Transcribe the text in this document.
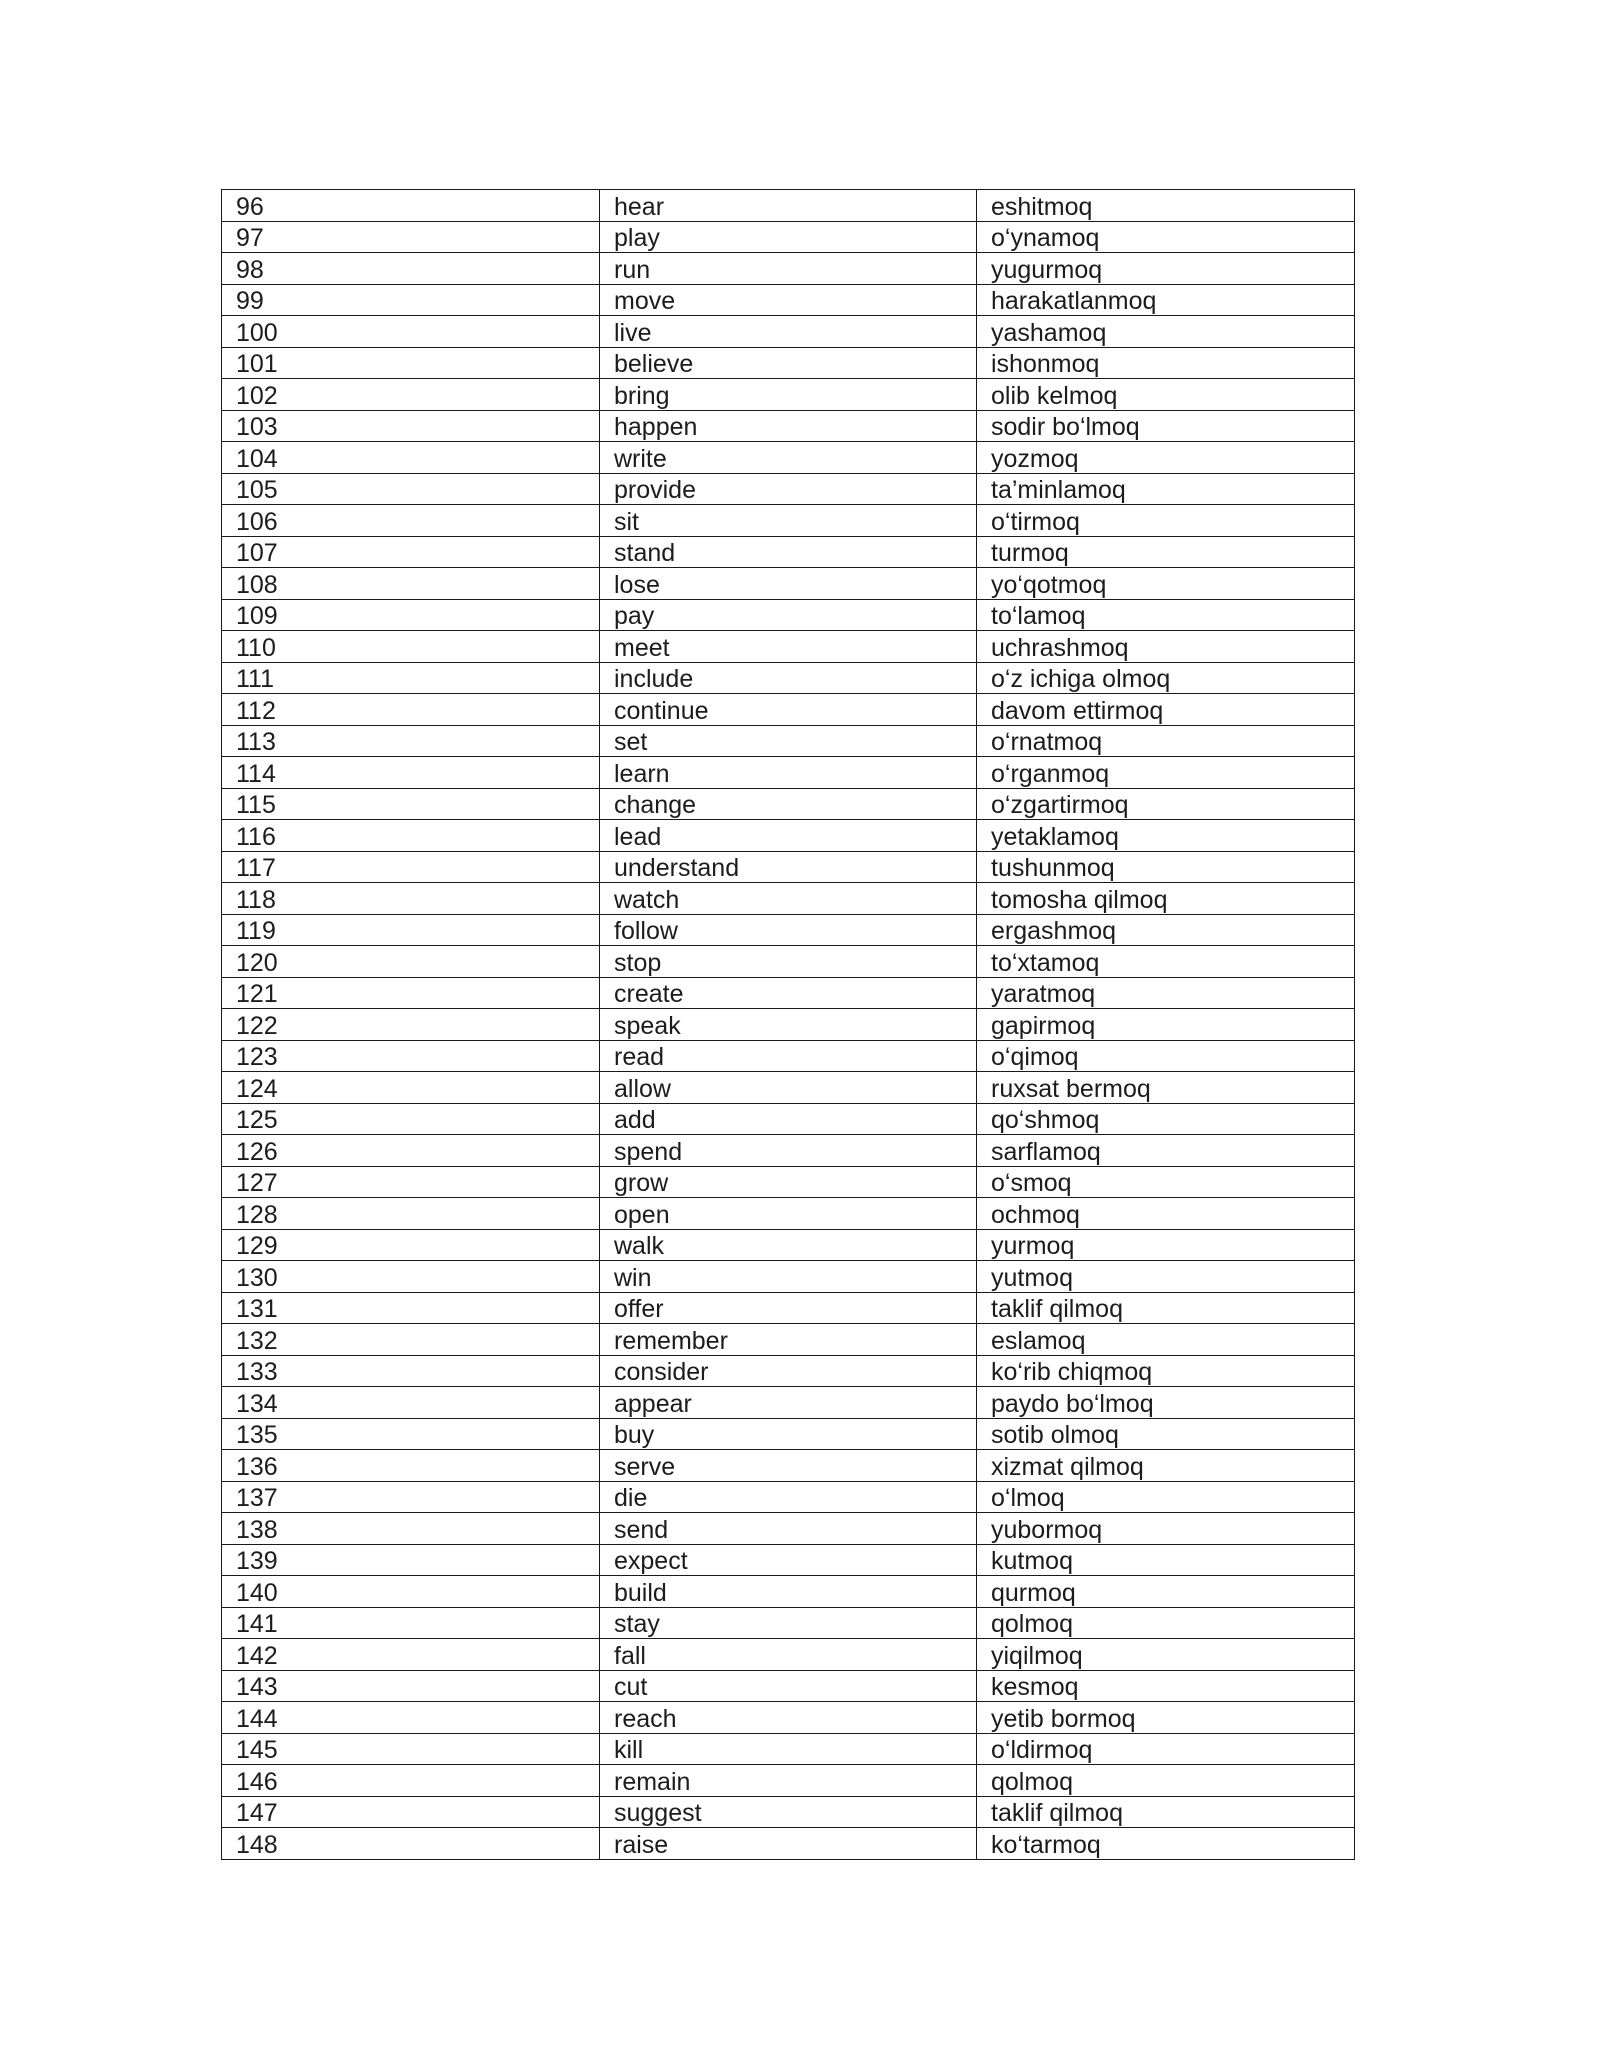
96	hear	eshitmoq
97	play	o‘ynamoq
98	run	yugurmoq
99	move	harakatlanmoq
100	live	yashamoq
101	believe	ishonmoq
102	bring	olib kelmoq
103	happen	sodir bo‘lmoq
104	write	yozmoq
105	provide	ta’minlamoq
106	sit	o‘tirmoq
107	stand	turmoq
108	lose	yo‘qotmoq
109	pay	to‘lamoq
110	meet	uchrashmoq
111	include	o‘z ichiga olmoq
112	continue	davom ettirmoq
113	set	o‘rnatmoq
114	learn	o‘rganmoq
115	change	o‘zgartirmoq
116	lead	yetaklamoq
117	understand	tushunmoq
118	watch	tomosha qilmoq
119	follow	ergashmoq
120	stop	to‘xtamoq
121	create	yaratmoq
122	speak	gapirmoq
123	read	o‘qimoq
124	allow	ruxsat bermoq
125	add	qo‘shmoq
126	spend	sarflamoq
127	grow	o‘smoq
128	open	ochmoq
129	walk	yurmoq
130	win	yutmoq
131	offer	taklif qilmoq
132	remember	eslamoq
133	consider	ko‘rib chiqmoq
134	appear	paydo bo‘lmoq
135	buy	sotib olmoq
136	serve	xizmat qilmoq
137	die	o‘lmoq
138	send	yubormoq
139	expect	kutmoq
140	build	qurmoq
141	stay	qolmoq
142	fall	yiqilmoq
143	cut	kesmoq
144	reach	yetib bormoq
145	kill	o‘ldirmoq
146	remain	qolmoq
147	suggest	taklif qilmoq
148	raise	ko‘tarmoq
